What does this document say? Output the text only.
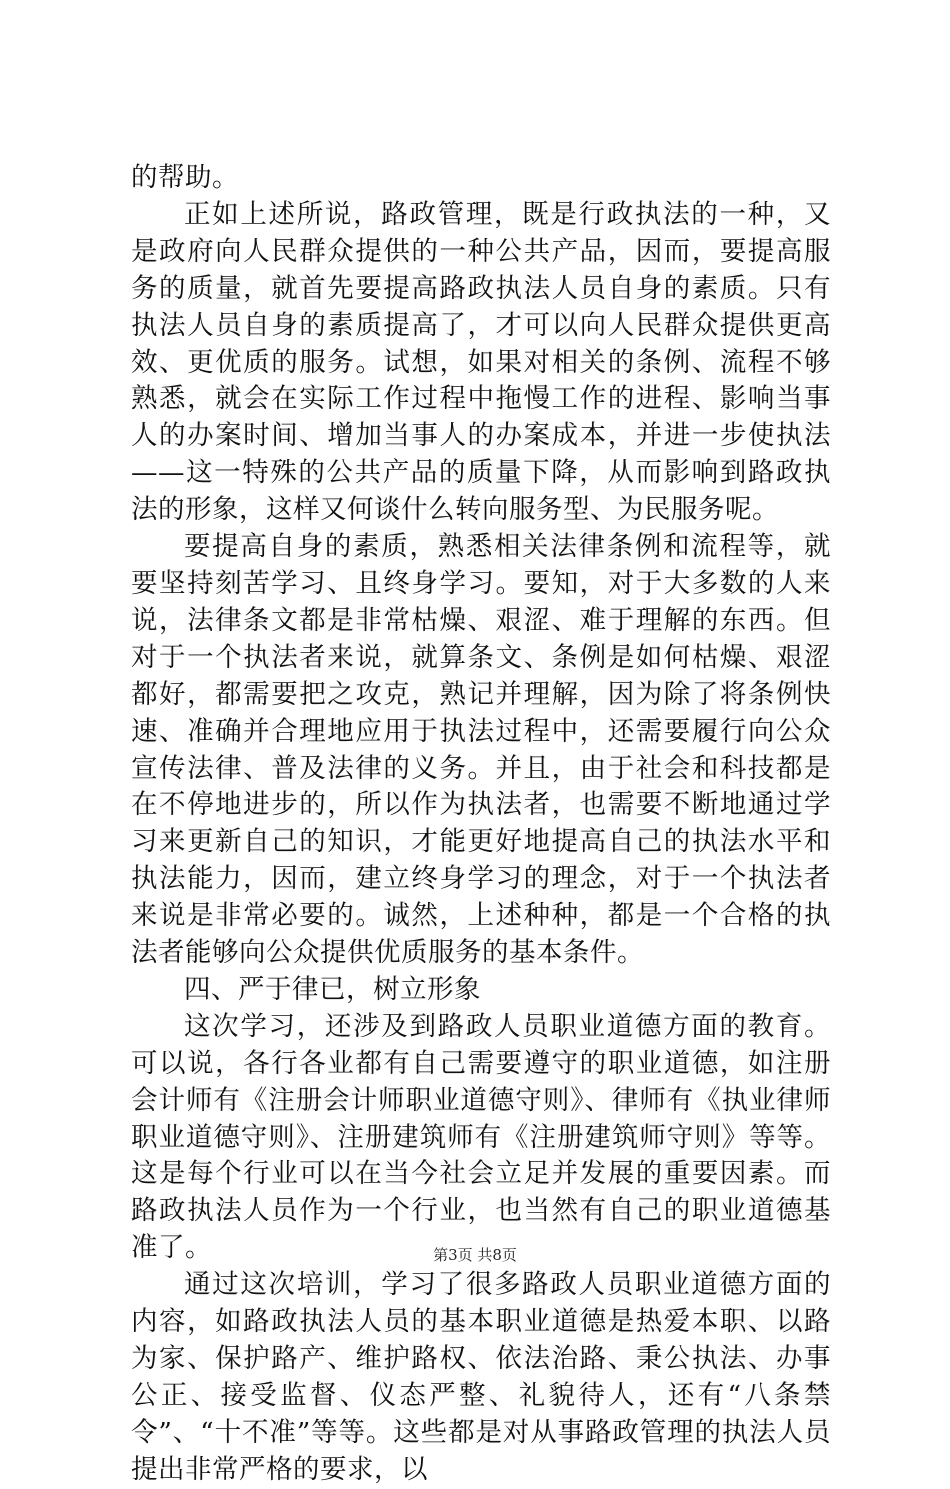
的帮助。

正如上述所说，路政管理，既是行政执法的一种，又是政府向人民群众提供的一种公共产品，因而，要提高服务的质量，就首先要提高路政执法人员自身的素质。只有执法人员自身的素质提高了，才可以向人民群众提供更高效、更优质的服务。试想，如果对相关的条例、流程不够熟悉，就会在实际工作过程中拖慢工作的进程、影响当事人的办案时间、增加当事人的办案成本，并进一步使执法——这一特殊的公共产品的质量下降，从而影响到路政执法的形象，这样又何谈什么转向服务型、为民服务呢。

要提高自身的素质，熟悉相关法律条例和流程等，就要坚持刻苦学习、且终身学习。要知，对于大多数的人来说，法律条文都是非常枯燥、艰涩、难于理解的东西。但对于一个执法者来说，就算条文、条例是如何枯燥、艰涩都好，都需要把之攻克，熟记并理解，因为除了将条例快速、准确并合理地应用于执法过程中，还需要履行向公众宣传法律、普及法律的义务。并且，由于社会和科技都是在不停地进步的，所以作为执法者，也需要不断地通过学习来更新自己的知识，才能更好地提高自己的执法水平和执法能力，因而，建立终身学习的理念，对于一个执法者来说是非常必要的。诚然，上述种种，都是一个合格的执法者能够向公众提供优质服务的基本条件。

四、严于律已，树立形象

这次学习，还涉及到路政人员职业道德方面的教育。可以说，各行各业都有自己需要遵守的职业道德，如注册会计师有《注册会计师职业道德守则》、律师有《执业律师职业道德守则》、注册建筑师有《注册建筑师守则》等等。这是每个行业可以在当今社会立足并发展的重要因素。而路政执法人员作为一个行业，也当然有自己的职业道德基准了。

通过这次培训，学习了很多路政人员职业道德方面的内容，如路政执法人员的基本职业道德是热爱本职、以路为家、保护路产、维护路权、依法治路、秉公执法、办事公正、接受监督、仪态严整、礼貌待人，还有“八条禁令”、“十不准”等等。这些都是对从事路政管理的执法人员提出非常严格的要求，以

第3页 共8页
